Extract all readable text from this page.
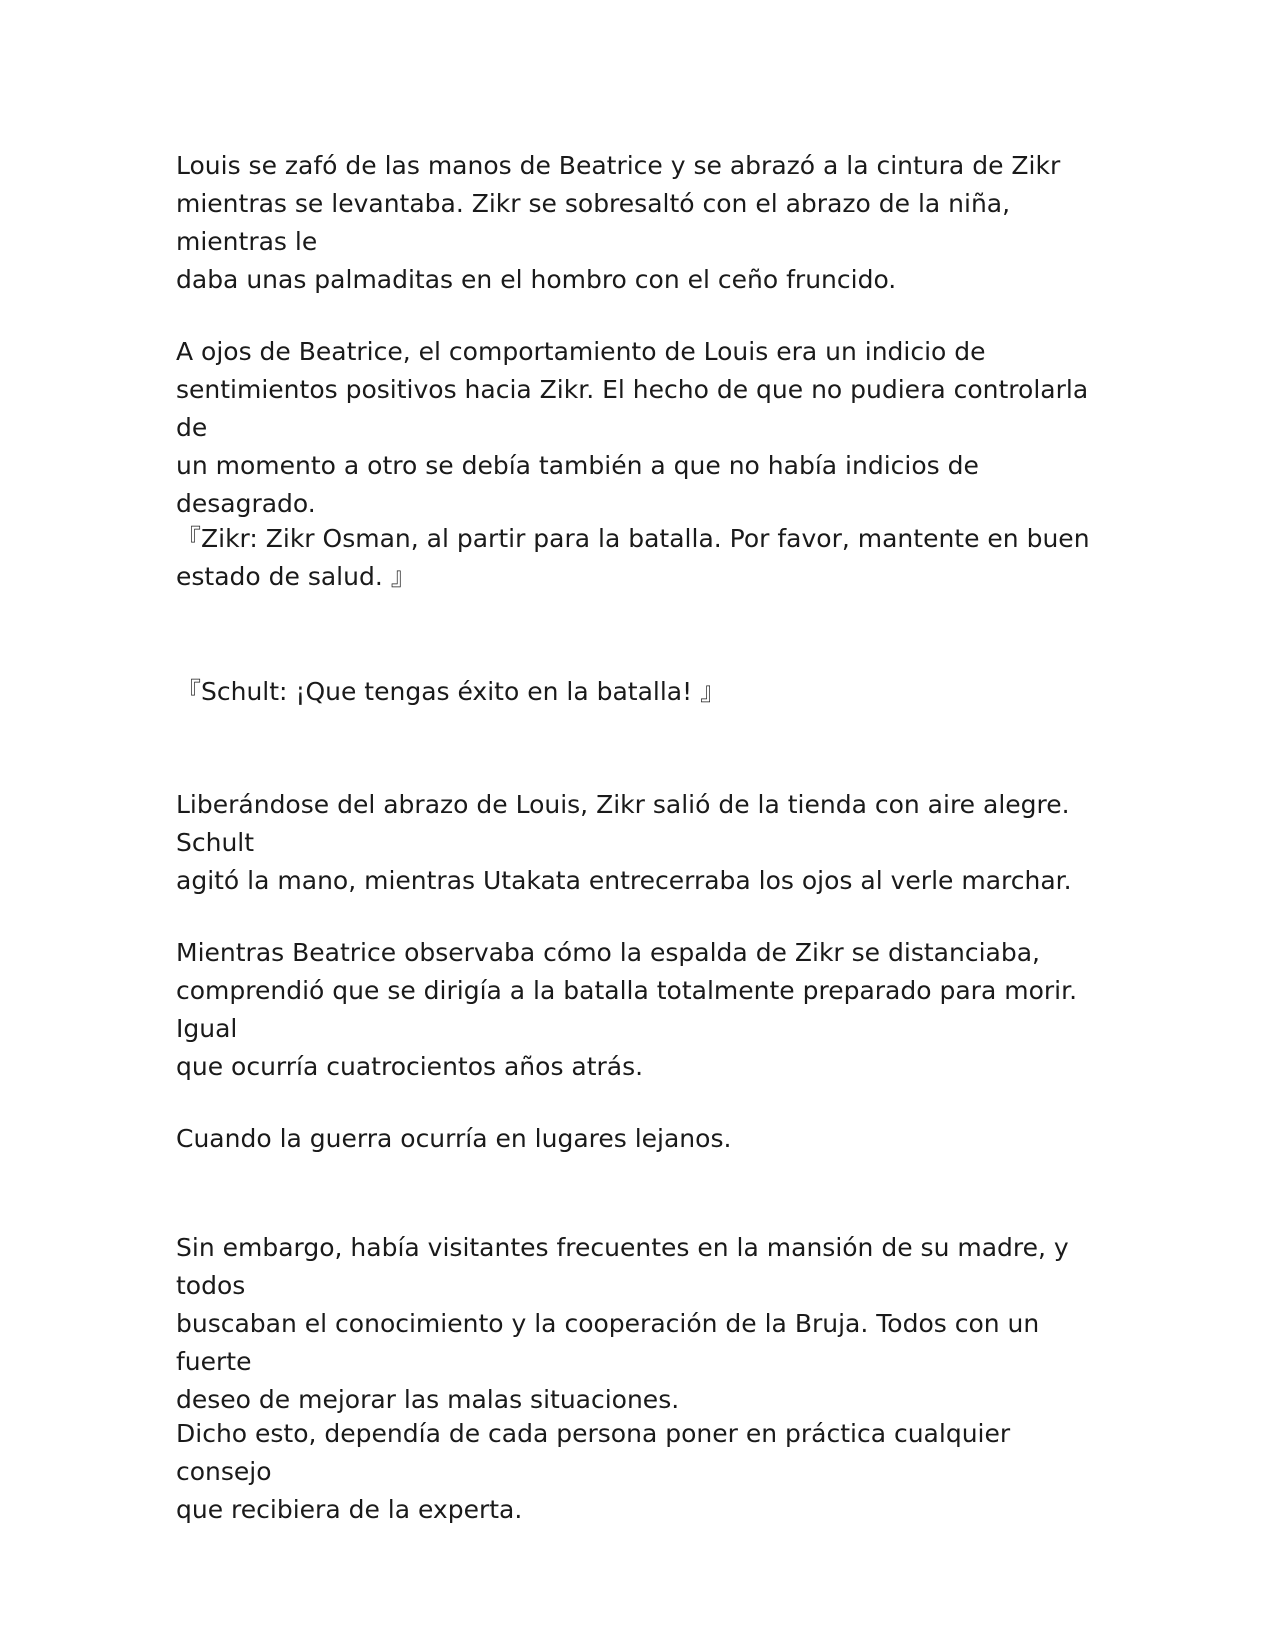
Louis se zafó de las manos de Beatrice y se abrazó a la cintura de Zikr
mientras se levantaba. Zikr se sobresaltó con el abrazo de la niña, mientras le
daba unas palmaditas en el hombro con el ceño fruncido.

A ojos de Beatrice, el comportamiento de Louis era un indicio de
sentimientos positivos hacia Zikr. El hecho de que no pudiera controlarla de
un momento a otro se debía también a que no había indicios de desagrado.

『Zikr: Zikr Osman, al partir para la batalla. Por favor, mantente en buen
estado de salud. 』

『Schult: ¡Que tengas éxito en la batalla! 』

Liberándose del abrazo de Louis, Zikr salió de la tienda con aire alegre. Schult
agitó la mano, mientras Utakata entrecerraba los ojos al verle marchar.

Mientras Beatrice observaba cómo la espalda de Zikr se distanciaba,
comprendió que se dirigía a la batalla totalmente preparado para morir. Igual
que ocurría cuatrocientos años atrás.

Cuando la guerra ocurría en lugares lejanos.

Sin embargo, había visitantes frecuentes en la mansión de su madre, y todos
buscaban el conocimiento y la cooperación de la Bruja. Todos con un fuerte
deseo de mejorar las malas situaciones.

Dicho esto, dependía de cada persona poner en práctica cualquier consejo
que recibiera de la experta.
